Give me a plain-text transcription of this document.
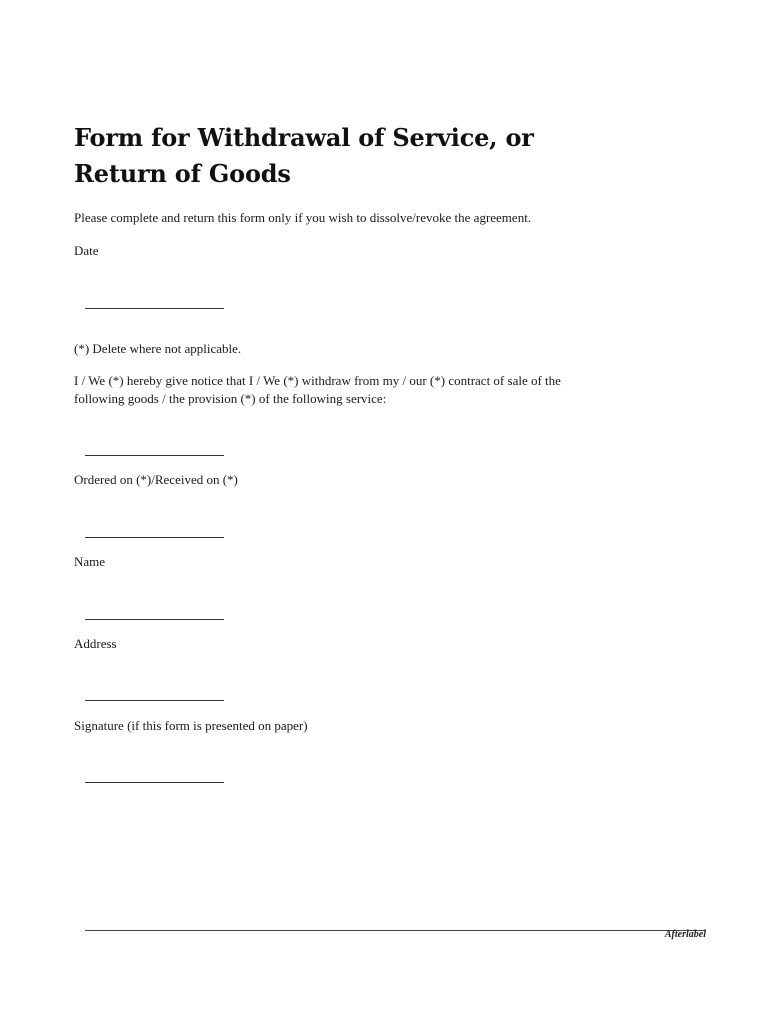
Form for Withdrawal of Service, or
Return of Goods

Please complete and return this form only if you wish to dissolve/revoke the agreement.

Date

(*) Delete where not applicable.

I / We (*) hereby give notice that I / We (*) withdraw from my / our (*) contract of sale of the

following goods / the provision (*) of the following service:

Ordered on (*)/Received on (*)

Name

Address

Signature (if this form is presented on paper)

Afterlabel
